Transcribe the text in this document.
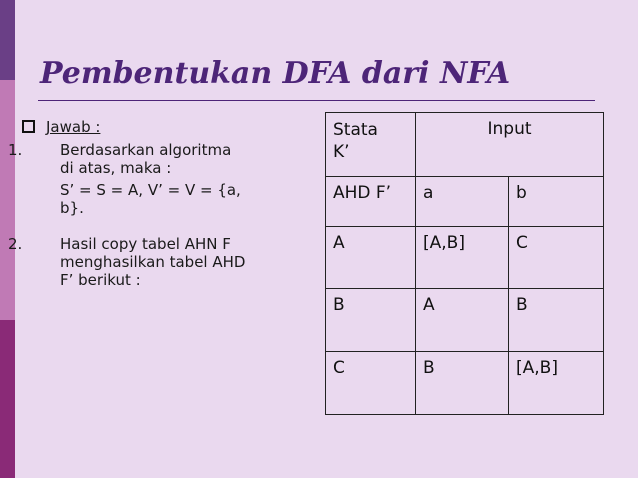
Pembentukan DFA dari NFA
Jawab :
1.	Berdasarkan algoritma
di atas, maka :
S’ = S = A, V’ = V = {a,
b}.
2.	Hasil copy tabel AHN F
menghasilkan tabel AHD
F’ berikut :
Stata
K’	Input	
AHD F’	a	b
A	[A,B]	C
B	A	B
C	B	[A,B]
